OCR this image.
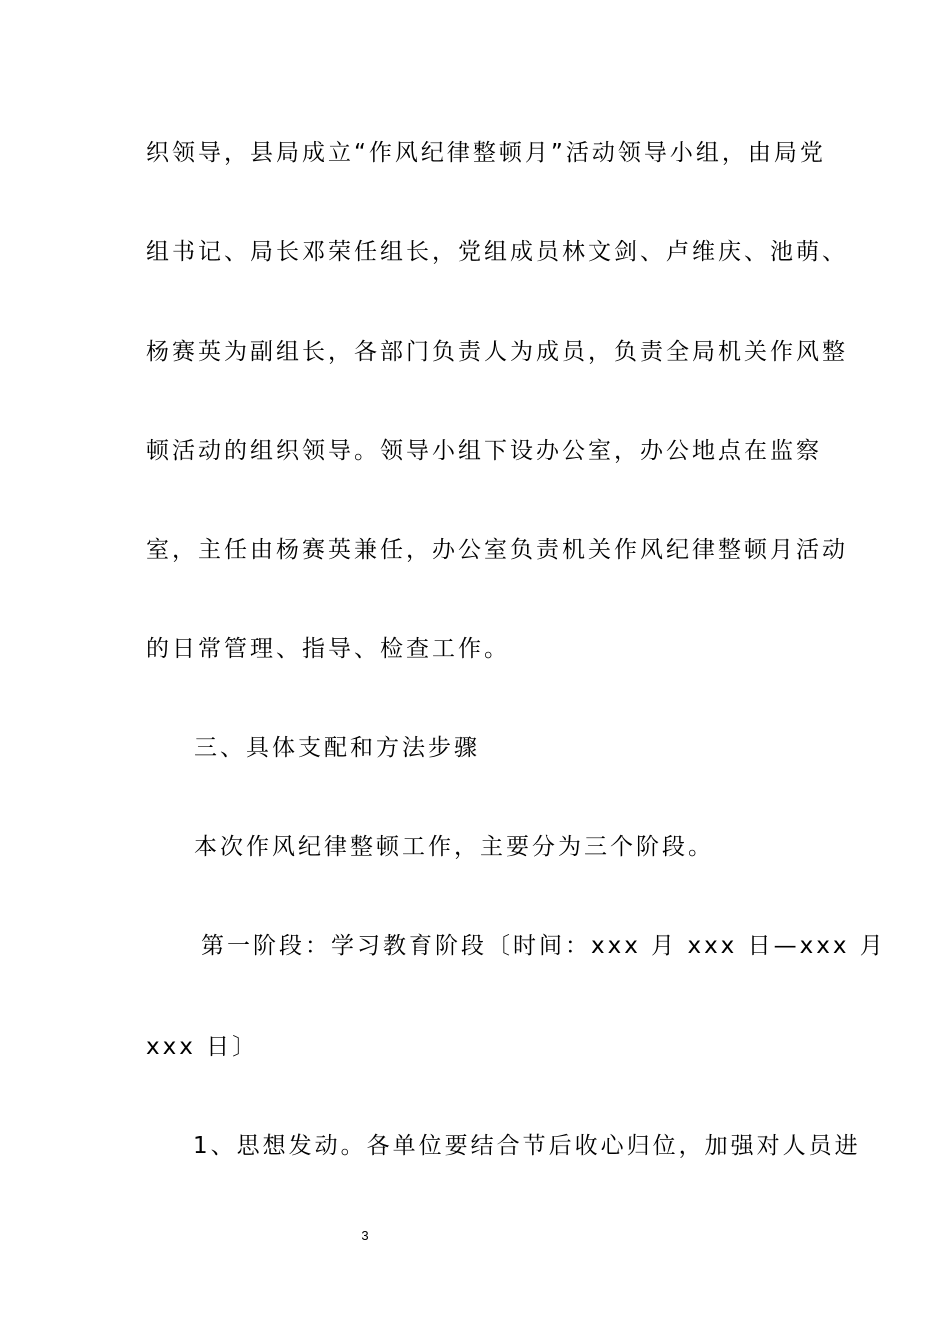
织领导，县局成立“作风纪律整顿月”活动领导小组，由局党
组书记、局长邓荣任组长，党组成员林文剑、卢维庆、池萌、
杨赛英为副组长，各部门负责人为成员，负责全局机关作风整
顿活动的组织领导。领导小组下设办公室，办公地点在监察
室，主任由杨赛英兼任，办公室负责机关作风纪律整顿月活动
的日常管理、指导、检查工作。
三、具体支配和方法步骤
本次作风纪律整顿工作，主要分为三个阶段。
第一阶段：学习教育阶段〔时间：xxx 月 xxx 日—xxx 月
xxx 日〕
1、思想发动。各单位要结合节后收心归位，加强对人员进
3
